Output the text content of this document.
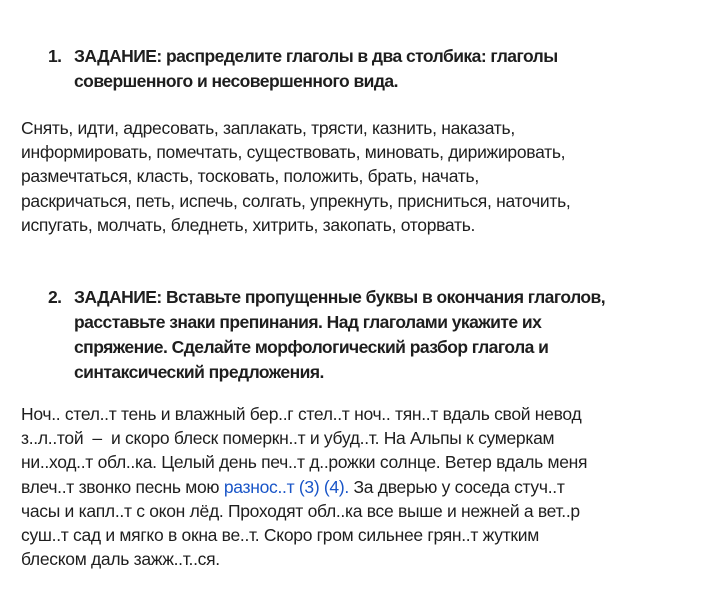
1. ЗАДАНИЕ: распределите глаголы в два столбика: глаголы
совершенного и несовершенного вида.
Снять, идти, адресовать, заплакать, трясти, казнить, наказать,
информировать, помечтать, существовать, миновать, дирижировать,
размечтаться, класть, тосковать, положить, брать, начать,
раскричаться, петь, испечь, солгать, упрекнуть, присниться, наточить,
испугать, молчать, бледнеть, хитрить, закопать, оторвать.
2. ЗАДАНИЕ: Вставьте пропущенные буквы в окончания глаголов,
расставьте знаки препинания. Над глаголами укажите их
спряжение. Сделайте морфологический разбор глагола и
синтаксический предложения.
Ноч.. стел..т тень и влажный бер..г стел..т ноч.. тян..т вдаль свой невод
з..л..той  –  и скоро блеск померкн..т и убуд..т. На Альпы к сумеркам
ни..ход..т обл..ка. Целый день печ..т д..рожки солнце. Ветер вдаль меня
влеч..т звонко песнь мою разнос..т (3) (4). За дверью у соседа стуч..т
часы и капл..т с окон лёд. Проходят обл..ка все выше и нежней а вет..р
суш..т сад и мягко в окна ве..т. Скоро гром сильнее грян..т жутким
блеском даль зажж..т..ся.
